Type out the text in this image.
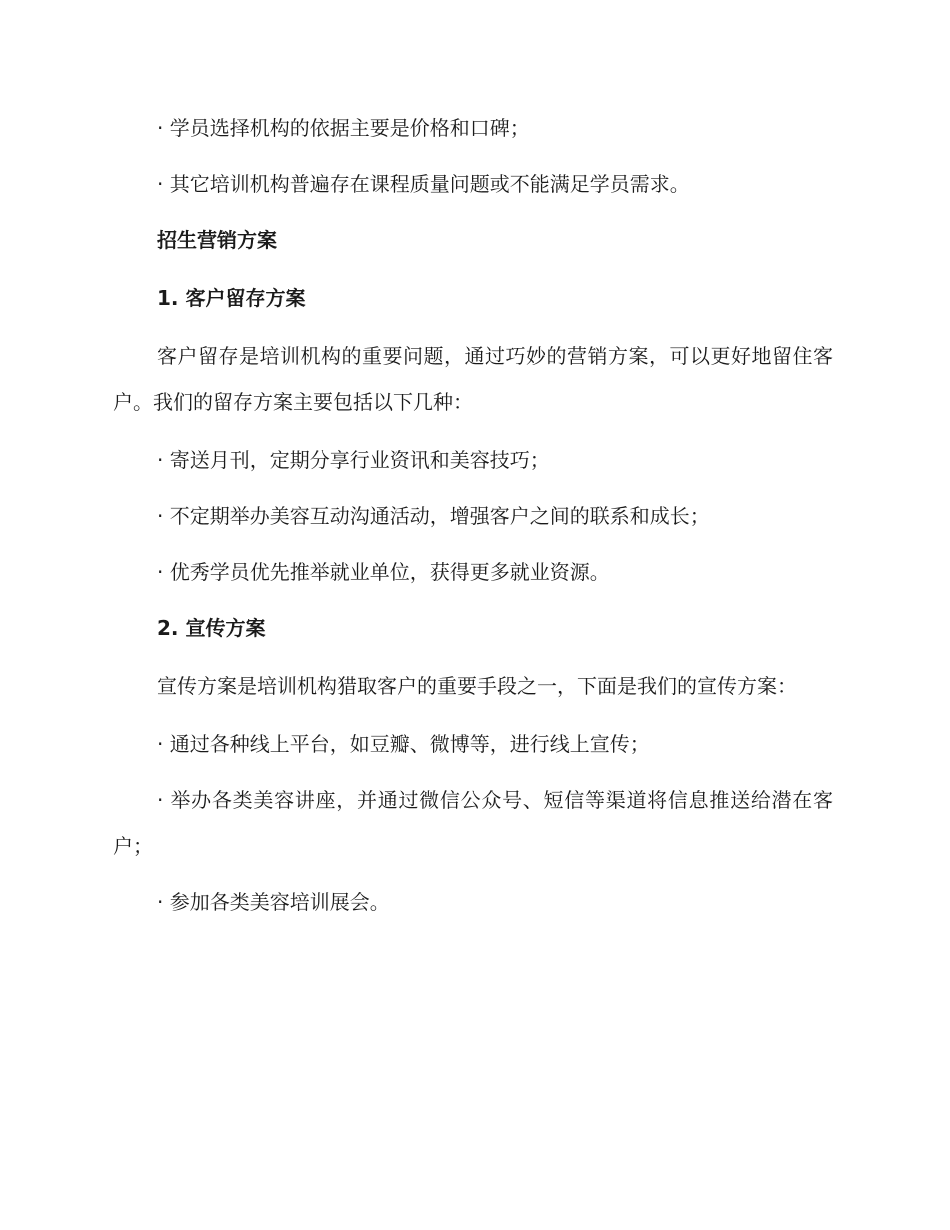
· 学员选择机构的依据主要是价格和口碑；

· 其它培训机构普遍存在课程质量问题或不能满足学员需求。

招生营销方案
1. 客户留存方案

客户留存是培训机构的重要问题，通过巧妙的营销方案，可以更好地留住客户。我们的留存方案主要包括以下几种：

· 寄送月刊，定期分享行业资讯和美容技巧；

· 不定期举办美容互动沟通活动，增强客户之间的联系和成长；

· 优秀学员优先推举就业单位，获得更多就业资源。

2. 宣传方案

宣传方案是培训机构猎取客户的重要手段之一，下面是我们的宣传方案：

· 通过各种线上平台，如豆瓣、微博等，进行线上宣传；

· 举办各类美容讲座，并通过微信公众号、短信等渠道将信息推送给潜在客户；

· 参加各类美容培训展会。
